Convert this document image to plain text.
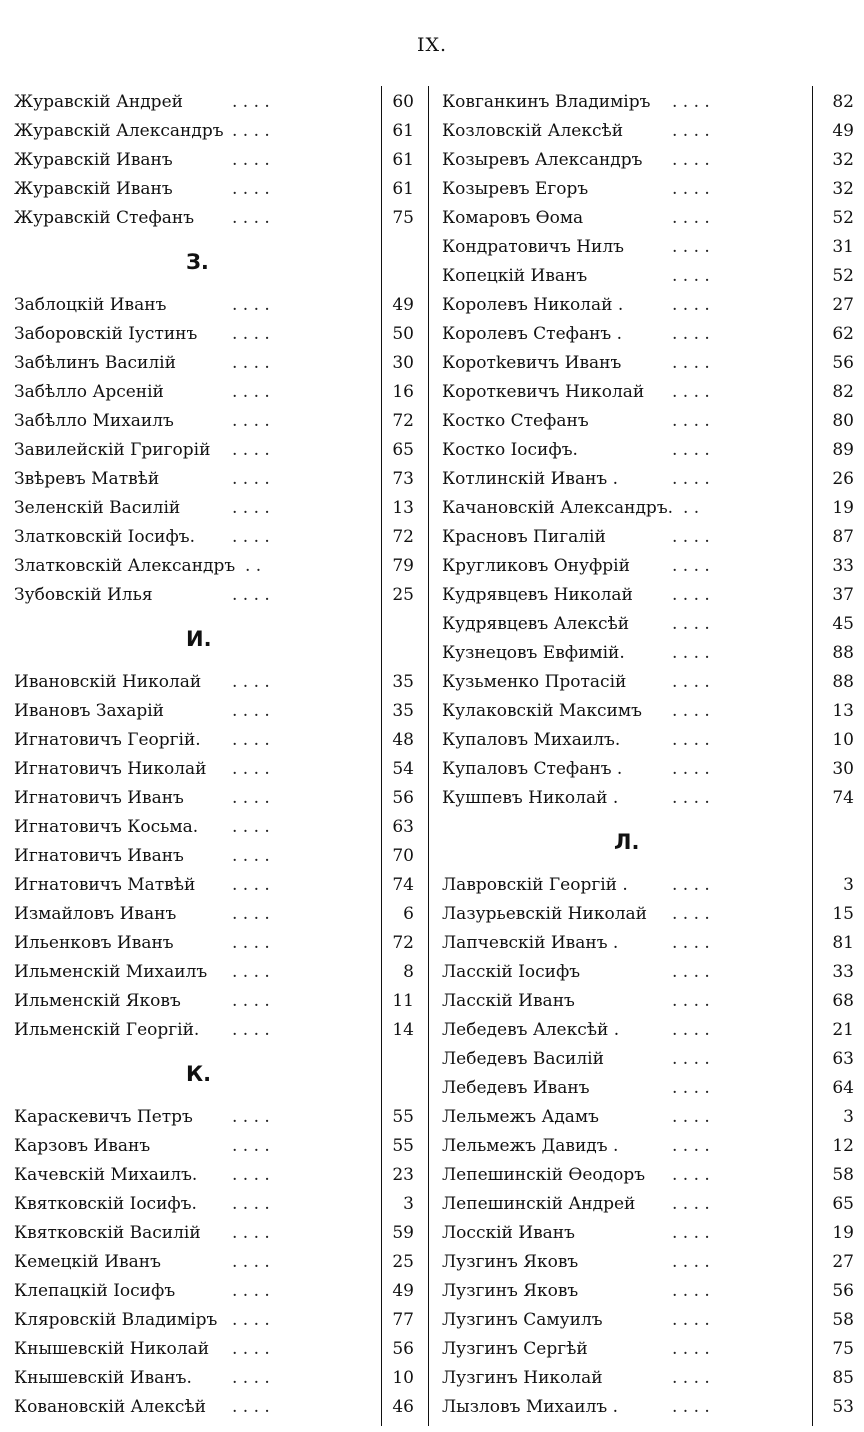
IX.
Журавскій Андрей	. . . .	60
Журавскій Александръ . . . .	61
Журавскій Иванъ	. . . .	61
Журавскій Иванъ	. . . .	61
Журавскій Стефанъ . . . .	75
З.
Заблоцкій Иванъ	. . . .	49
Заборовскій Іустинъ . . . .	50
Забѣлинъ Василій	. . . .	30
Забѣлло Арсеній	. . . .	16
Забѣлло Михаилъ	. . . .	72
Завилейскій Григорій . . . .	65
Звѣревъ Матвѣй	. . . .	73
Зеленскій Василій	. . . .	13
Златковскій Іосифъ. . . . .	72
Златковскій Александръ . .	79
Зубовскій Илья	. . . .	25
И.
Ивановскій Николай . . . .	35
Ивановъ Захарій	. . . .	35
Игнатовичъ Георгій. . . . .	48
Игнатовичъ Николай . . . .	54
Игнатовичъ Иванъ	. . . .	56
Игнатовичъ Косьма. . . . .	63
Игнатовичъ Иванъ	. . . .	70
Игнатовичъ Матвѣй . . . .	74
Измайловъ Иванъ	. . . .	6
Ильенковъ Иванъ	. . . .	72
Ильменскій Михаилъ . . . .	8
Ильменскій Яковъ	. . . .	11
Ильменскій Георгій. . . . .	14
К.
Караскевичъ Петръ . . . .	55
Карзовъ Иванъ	. . . .	55
Качевскій Михаилъ. . . . .	23
Квятковскій Іосифъ. . . . .	3
Квятковскій Василій . . . .	59
Кемецкій Иванъ	. . . .	25
Клепацкій Іосифъ	. . . .	49
Кляровскій Владиміръ . . . .	77
Кнышевскій Николай . . . .	56
Кнышевскій Иванъ. . . . .	10
Ковановскій Алексѣй . . . .	46
Ковганкинъ Владиміръ . . . .	82
Козловскій Алексѣй	. . . .	49
Козыревъ Александръ . . . .	32
Козыревъ Егоръ	. . . .	32
Комаровъ Ѳома	. . . .	52
Кондратовичъ Нилъ	. . . .	31
Копецкій Иванъ	. . . .	52
Королевъ Николай .	. . . .	27
Королевъ Стефанъ .	. . . .	62
Коротkевичъ Иванъ	. . . .	56
Короткевичъ Николай . . . .	82
Костко Стефанъ	. . . .	80
Костко Іосифъ.	. . . .	89
Котлинскій Иванъ .	. . . .	26
Качановскій Александръ. . .	19
Красновъ Пигалій	. . . .	87
Кругликовъ Онуфрій . . . .	33
Кудрявцевъ Николай . . . .	37
Кудрявцевъ Алексѣй	. . . .	45
Кузнецовъ Евфимій.	. . . .	88
Кузьменко Протасій	. . . .	88
Кулаковскій Максимъ . . . .	13
Купаловъ Михаилъ.	. . . .	10
Купаловъ Стефанъ .	. . . .	30
Кушпевъ Николай .	. . . .	74
Л.
Лавровскій Георгій .	. . . .	3
Лазурьевскій Николай . . . .	15
Лапчевскій Иванъ .	. . . .	81
Ласскій Іосифъ	. . . .	33
Ласскій Иванъ	. . . .	68
Лебедевъ Алексѣй .	. . . .	21
Лебедевъ Василій	. . . .	63
Лебедевъ Иванъ	. . . .	64
Лельмежъ Адамъ	. . . .	3
Лельмежъ Давидъ .	. . . .	12
Лепешинскій Ѳеодоръ . . . .	58
Лепешинскій Андрей . . . .	65
Лосскій Иванъ	. . . .	19
Лузгинъ Яковъ	. . . .	27
Лузгинъ Яковъ	. . . .	56
Лузгинъ Самуилъ	. . . .	58
Лузгинъ Сергѣй	. . . .	75
Лузгинъ Николай	. . . .	85
Лызловъ Михаилъ .	. . . .	53
